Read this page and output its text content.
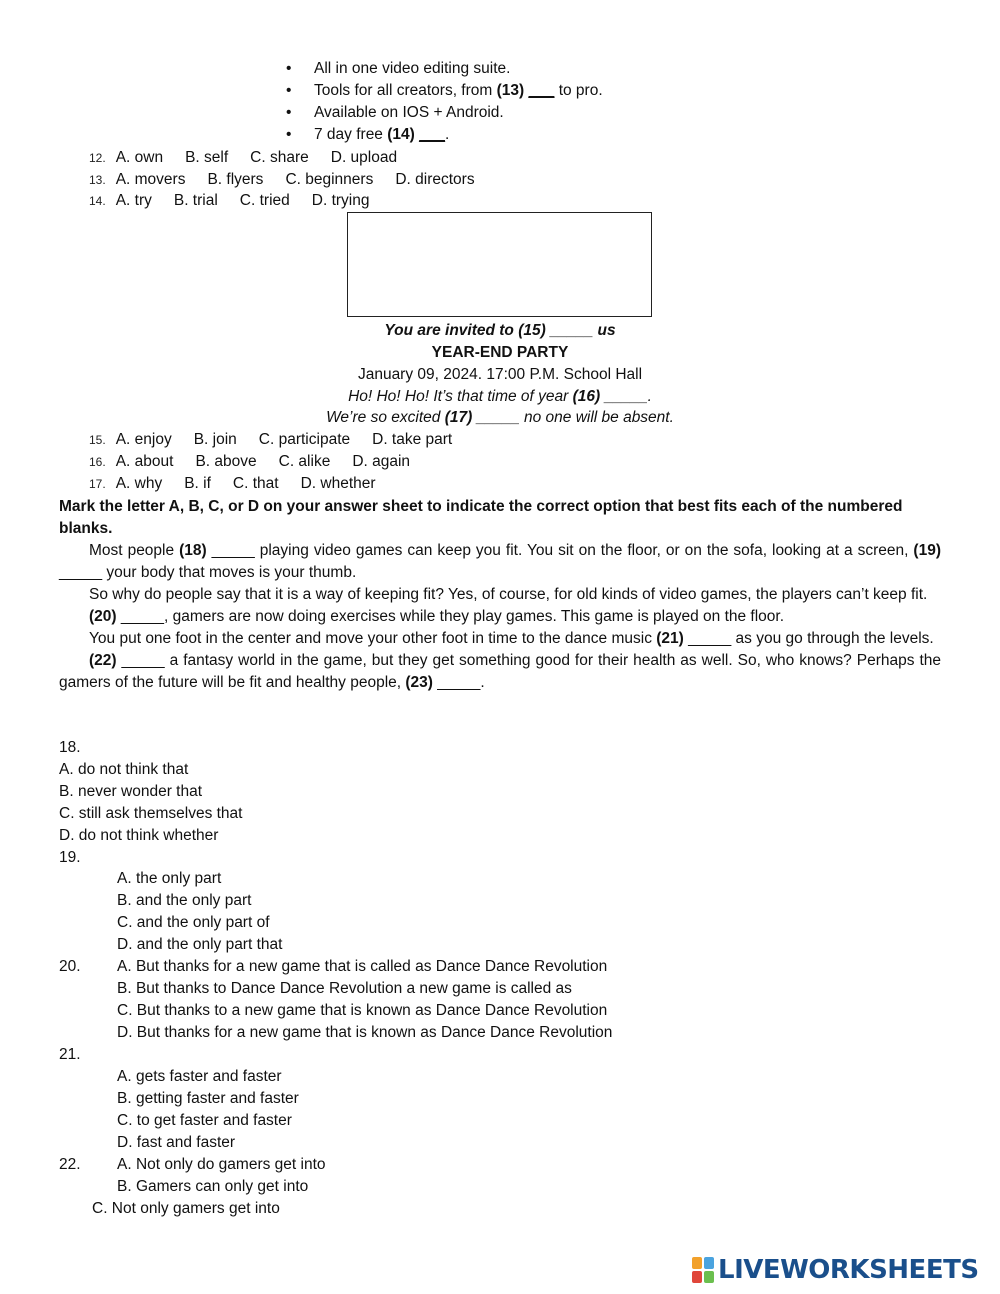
• All in one video editing suite.
• Tools for all creators, from (13) ___ to pro.
• Available on IOS + Android.
• 7 day free (14) ___.
12. A. own B. self C. share D. upload
13. A. movers B. flyers C. beginners D. directors
14. A. try B. trial C. tried D. trying
You are invited to (15) _____ us
YEAR-END PARTY
January 09, 2024. 17:00 P.M. School Hall
Ho! Ho! Ho! It’s that time of year (16) _____.
We’re so excited (17) _____ no one will be absent.
15. A. enjoy B. join C. participate D. take part
16. A. about B. above C. alike D. again
17. A. why B. if C. that D. whether
Mark the letter A, B, C, or D on your answer sheet to indicate the correct option that best fits each of the numbered blanks.

Most people (18) _____ playing video games can keep you fit. You sit on the floor, or on the sofa, looking at a screen, (19) _____ your body that moves is your thumb.

So why do people say that it is a way of keeping fit? Yes, of course, for old kinds of video games, the players can’t keep fit.

(20) _____, gamers are now doing exercises while they play games. This game is played on the floor.

You put one foot in the center and move your other foot in time to the dance music (21) _____ as you go through the levels.

(22) _____ a fantasy world in the game, but they get something good for their health as well. So, who knows? Perhaps the gamers of the future will be fit and healthy people, (23) _____.

18.
A. do not think that
B. never wonder that
C. still ask themselves that
D. do not think whether
19.
A. the only part
B. and the only part
C. and the only part of
D. and the only part that
20. A. But thanks for a new game that is called as Dance Dance Revolution
B. But thanks to Dance Dance Revolution a new game is called as
C. But thanks to a new game that is known as Dance Dance Revolution
D. But thanks for a new game that is known as Dance Dance Revolution
21.
A. gets faster and faster
B. getting faster and faster
C. to get faster and faster
D. fast and faster
22. A. Not only do gamers get into
B. Gamers can only get into
C. Not only gamers get into
LIVEWORKSHEETS
